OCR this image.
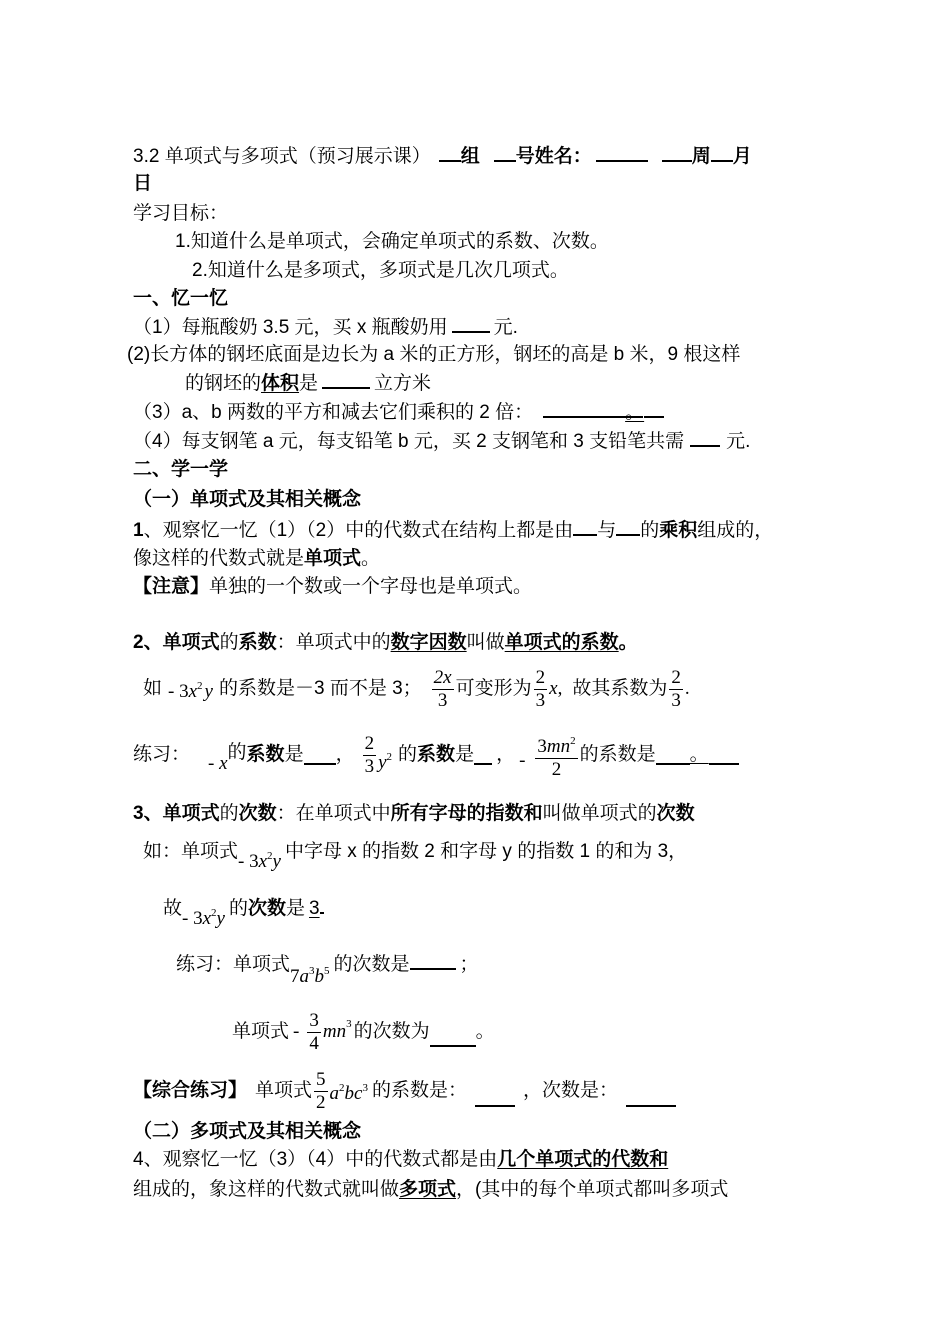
3.2 单项式与多项式（预习展示课） 组 号姓名：	周 月
日
学习目标：
1.知道什么是单项式，会确定单项式的系数、次数。
2.知道什么是多项式，多项式是几次几项式。
一、忆一忆
（1）每瓶酸奶 3.5 元，买 x 瓶酸奶用 元.
(2)长方体的钢坯底面是边长为 a 米的正方形，钢坯的高是 b 米，9 根这样
的钢坯的体积是	立方米
（3）a、b 两数的平方和减去它们乘积的 2 倍：	。
（4）每支钢笔 a 元，每支铅笔 b 元，买 2 支钢笔和 3 支铅笔共需 元.
二、学一学
（一）单项式及其相关概念
1、观察忆一忆（1）（2）中的代数式在结构上都是由 与 的乘积组成的，
像这样的代数式就是单项式。
【注意】单独的一个数或一个字母也是单项式。
2、单项式的系数：单项式中的数字因数叫做单项式的系数。
如 - $3x^2$ y 的系数是－3 而不是 3； $\frac{2x}{3}$ 可变形为 $\frac{2}{3}$ x , 故其系数为 $\frac{2}{3}$ .
练习： - x
的 系数 是 ， $\frac{2}{3} y^2$ 的 系数 是 ， - $\frac{3mn^2}{2}$ 的系数是 。
3、单项式的次数：在单项式中所有字母的指数和叫做单项式的次数
如：单项式- $3x^2y$ 中字母 x 的指数 2 和字母 y 的指数 1 的和为 3，
故- $3x^2y$ 的次数是 3
练习：单项式$7a^3b^5$ 的次数是	；
单项式 - $\frac{3}{4} mn^3$ 的次数为 。
【综合练习】 单项式 $\frac{5}{2} a^2bc^3$ 的系数是：	，次数是：
（二）多项式及其相关概念
4、观察忆一忆（3）（4）中的代数式都是由几个单项式的代数和
组成的，象这样的代数式就叫做多项式，(其中的每个单项式都叫多项式
